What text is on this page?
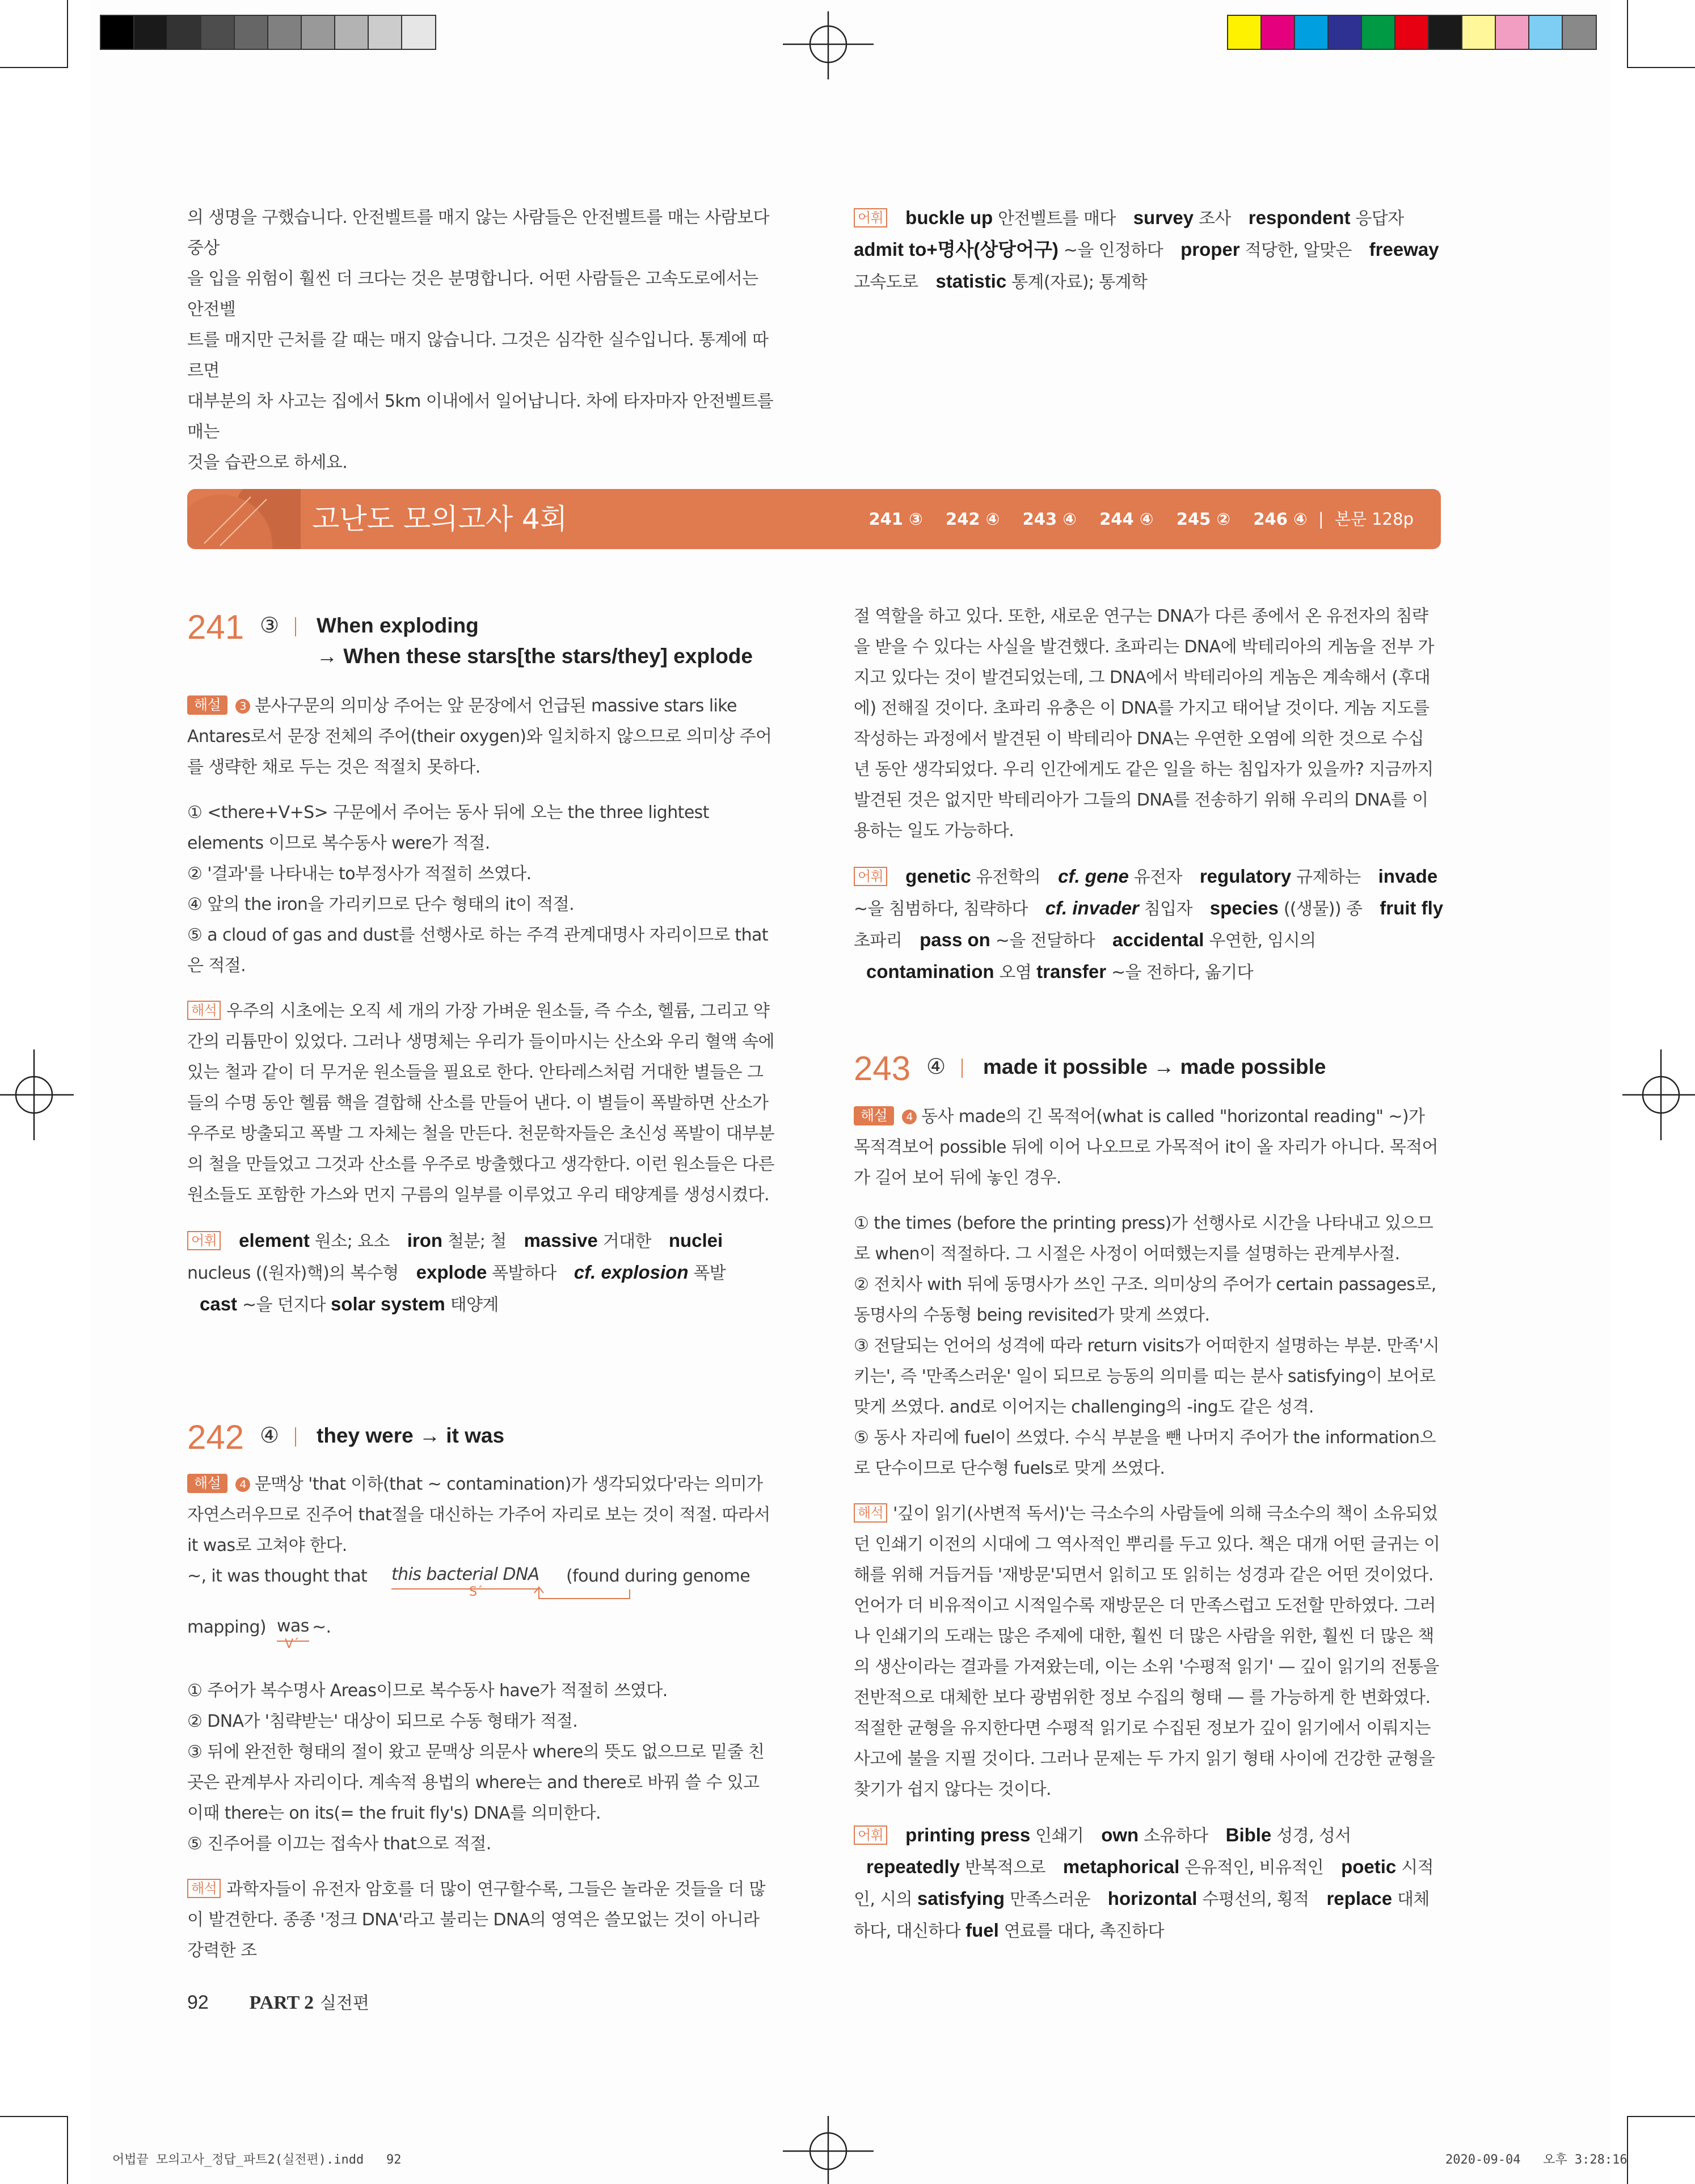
의 생명을 구했습니다. 안전벨트를 매지 않는 사람들은 안전벨트를 매는 사람보다 중상

을 입을 위험이 훨씬 더 크다는 것은 분명합니다. 어떤 사람들은 고속도로에서는 안전벨

트를 매지만 근처를 갈 때는 매지 않습니다. 그것은 심각한 실수입니다. 통계에 따르면

대부분의 차 사고는 집에서 5km 이내에서 일어납니다. 차에 타자마자 안전벨트를 매는

것을 습관으로 하세요.

어휘 buckle up 안전벨트를 매다 survey 조사 respondent 응답자 admit to+명사(상당어구) ~을 인정하다 proper 적당한, 알맞은 freeway 고속도로 statistic 통계(자료); 통계학
고난도 모의고사 4회	241 ③ 242 ④ 243 ④ 244 ④ 245 ② 246 ④  |  본문 128p
241 ③ When exploding
→ When these stars[the stars/they] explode

해설 3 분사구문의 의미상 주어는 앞 문장에서 언급된 massive stars like Antares로서 문장 전체의 주어(their oxygen)와 일치하지 않으므로 의미상 주어를 생략한 채로 두는 것은 적절치 못하다.

① <there+V+S> 구문에서 주어는 동사 뒤에 오는 the three lightest elements 이므로 복수동사 were가 적절.

② '결과'를 나타내는 to부정사가 적절히 쓰였다.

④ 앞의 the iron을 가리키므로 단수 형태의 it이 적절.

⑤ a cloud of gas and dust를 선행사로 하는 주격 관계대명사 자리이므로 that 은 적절.

해석 우주의 시초에는 오직 세 개의 가장 가벼운 원소들, 즉 수소, 헬륨, 그리고 약간의 리튬만이 있었다. 그러나 생명체는 우리가 들이마시는 산소와 우리 혈액 속에 있는 철과 같이 더 무거운 원소들을 필요로 한다. 안타레스처럼 거대한 별들은 그들의 수명 동안 헬륨 핵을 결합해 산소를 만들어 낸다. 이 별들이 폭발하면 산소가 우주로 방출되고 폭발 그 자체는 철을 만든다. 천문학자들은 초신성 폭발이 대부분의 철을 만들었고 그것과 산소를 우주로 방출했다고 생각한다. 이런 원소들은 다른 원소들도 포함한 가스와 먼지 구름의 일부를 이루었고 우리 태양계를 생성시켰다.

어휘 element 원소; 요소 iron 철분; 철 massive 거대한 nuclei nucleus ((원자)핵)의 복수형 explode 폭발하다 cf. explosion 폭발 cast ~을 던지다 solar system 태양계

242 ④ they were → it was

해설 4 문맥상 'that 이하(that ~ contamination)가 생각되었다'라는 의미가 자연스러우므로 진주어 that절을 대신하는 가주어 자리로 보는 것이 적절. 따라서 it was로 고쳐야 한다.

~, it was thought that this bacterial DNA (found during genome
S´
mapping) was ~.
V´

① 주어가 복수명사 Areas이므로 복수동사 have가 적절히 쓰였다.

② DNA가 '침략받는' 대상이 되므로 수동 형태가 적절.

③ 뒤에 완전한 형태의 절이 왔고 문맥상 의문사 where의 뜻도 없으므로 밑줄 친 곳은 관계부사 자리이다. 계속적 용법의 where는 and there로 바꿔 쓸 수 있고 이때 there는 on its(= the fruit fly's) DNA를 의미한다.

⑤ 진주어를 이끄는 접속사 that으로 적절.

해석 과학자들이 유전자 암호를 더 많이 연구할수록, 그들은 놀라운 것들을 더 많이 발견한다. 종종 '정크 DNA'라고 불리는 DNA의 영역은 쓸모없는 것이 아니라 강력한 조

절 역할을 하고 있다. 또한, 새로운 연구는 DNA가 다른 종에서 온 유전자의 침략을 받을 수 있다는 사실을 발견했다. 초파리는 DNA에 박테리아의 게놈을 전부 가지고 있다는 것이 발견되었는데, 그 DNA에서 박테리아의 게놈은 계속해서 (후대에) 전해질 것이다. 초파리 유충은 이 DNA를 가지고 태어날 것이다. 게놈 지도를 작성하는 과정에서 발견된 이 박테리아 DNA는 우연한 오염에 의한 것으로 수십 년 동안 생각되었다. 우리 인간에게도 같은 일을 하는 침입자가 있을까? 지금까지 발견된 것은 없지만 박테리아가 그들의 DNA를 전송하기 위해 우리의 DNA를 이용하는 일도 가능하다.

어휘 genetic 유전학의 cf. gene 유전자 regulatory 규제하는 invade ~을 침범하다, 침략하다 cf. invader 침입자 species ((생물)) 종 fruit fly 초파리 pass on ~을 전달하다 accidental 우연한, 임시의 contamination 오염 transfer ~을 전하다, 옮기다

243 ④ made it possible → made possible

해설 4 동사 made의 긴 목적어(what is called "horizontal reading" ~)가 목적격보어 possible 뒤에 이어 나오므로 가목적어 it이 올 자리가 아니다. 목적어가 길어 보어 뒤에 놓인 경우.

① the times (before the printing press)가 선행사로 시간을 나타내고 있으므로 when이 적절하다. 그 시절은 사정이 어떠했는지를 설명하는 관계부사절.

② 전치사 with 뒤에 동명사가 쓰인 구조. 의미상의 주어가 certain passages로, 동명사의 수동형 being revisited가 맞게 쓰였다.

③ 전달되는 언어의 성격에 따라 return visits가 어떠한지 설명하는 부분. 만족'시키는', 즉 '만족스러운' 일이 되므로 능동의 의미를 띠는 분사 satisfying이 보어로 맞게 쓰였다. and로 이어지는 challenging의 -ing도 같은 성격.

⑤ 동사 자리에 fuel이 쓰였다. 수식 부분을 뺀 나머지 주어가 the information으로 단수이므로 단수형 fuels로 맞게 쓰였다.

해석 '깊이 읽기(사변적 독서)'는 극소수의 사람들에 의해 극소수의 책이 소유되었던 인쇄기 이전의 시대에 그 역사적인 뿌리를 두고 있다. 책은 대개 어떤 글귀는 이해를 위해 거듭거듭 '재방문'되면서 읽히고 또 읽히는 성경과 같은 어떤 것이었다. 언어가 더 비유적이고 시적일수록 재방문은 더 만족스럽고 도전할 만하였다. 그러나 인쇄기의 도래는 많은 주제에 대한, 훨씬 더 많은 사람을 위한, 훨씬 더 많은 책의 생산이라는 결과를 가져왔는데, 이는 소위 '수평적 읽기' — 깊이 읽기의 전통을 전반적으로 대체한 보다 광범위한 정보 수집의 형태 — 를 가능하게 한 변화였다. 적절한 균형을 유지한다면 수평적 읽기로 수집된 정보가 깊이 읽기에서 이뤄지는 사고에 불을 지필 것이다. 그러나 문제는 두 가지 읽기 형태 사이에 건강한 균형을 찾기가 쉽지 않다는 것이다.

어휘 printing press 인쇄기 own 소유하다 Bible 성경, 성서 repeatedly 반복적으로 metaphorical 은유적인, 비유적인 poetic 시적인, 시의 satisfying 만족스러운 horizontal 수평선의, 횡적 replace 대체하다, 대신하다 fuel 연료를 대다, 촉진하다

92 PART 2 실전편
어법끝 모의고사_정답_파트2(실전편).indd   92	2020-09-04   오후 3:28:16
